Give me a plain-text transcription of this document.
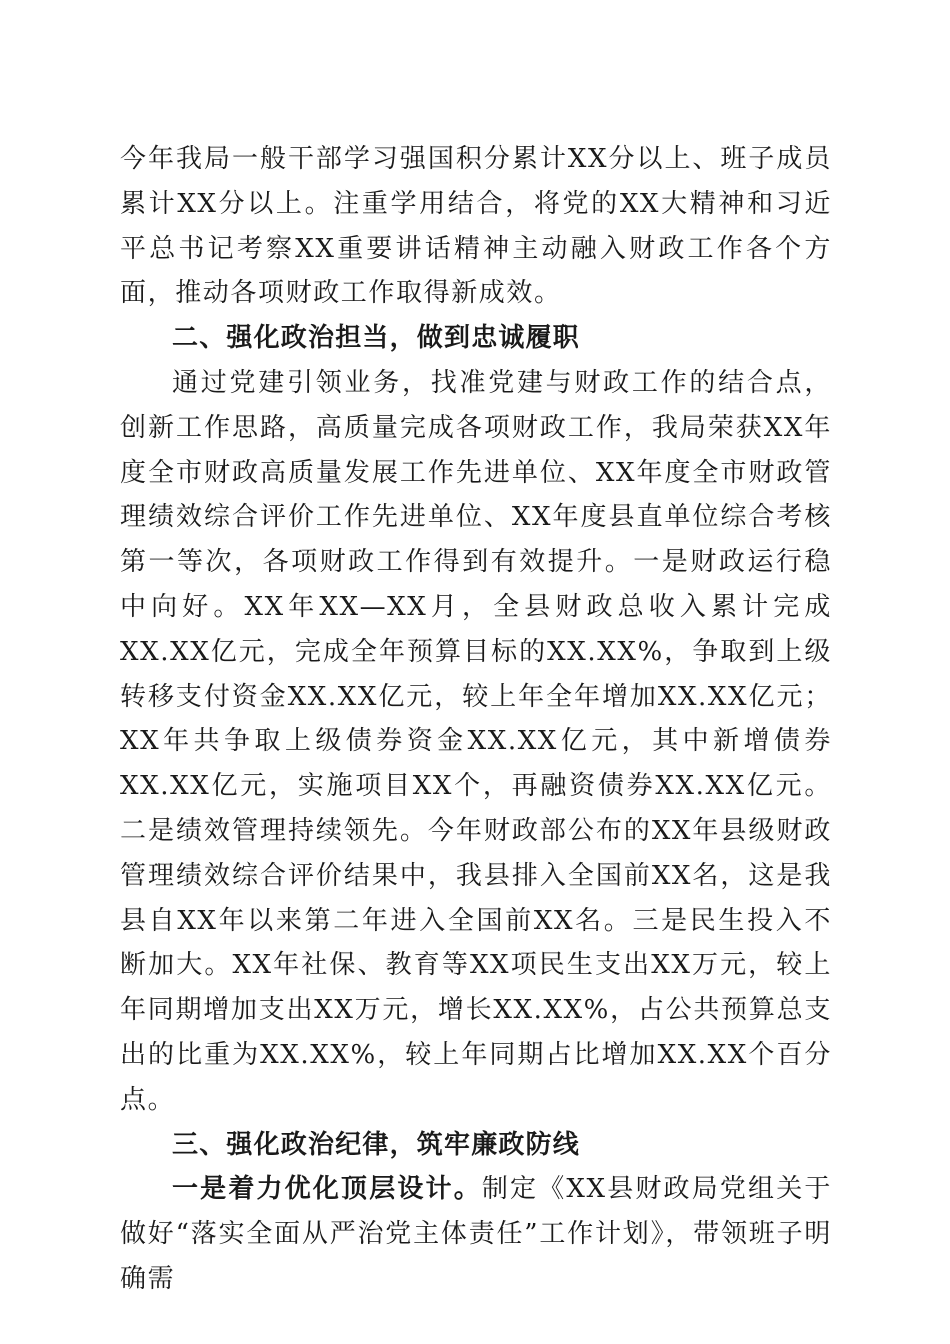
今年我局一般干部学习强国积分累计XX分以上、班子成员累计XX分以上。注重学用结合，将党的XX大精神和习近平总书记考察XX重要讲话精神主动融入财政工作各个方面，推动各项财政工作取得新成效。

二、强化政治担当，做到忠诚履职

通过党建引领业务，找准党建与财政工作的结合点，创新工作思路，高质量完成各项财政工作，我局荣获XX年度全市财政高质量发展工作先进单位、XX年度全市财政管理绩效综合评价工作先进单位、XX年度县直单位综合考核第一等次，各项财政工作得到有效提升。一是财政运行稳中向好。XX年XX—XX月，全县财政总收入累计完成XX.XX亿元，完成全年预算目标的XX.XX%，争取到上级转移支付资金XX.XX亿元，较上年全年增加XX.XX亿元；XX年共争取上级债券资金XX.XX亿元，其中新增债券XX.XX亿元，实施项目XX个，再融资债券XX.XX亿元。二是绩效管理持续领先。今年财政部公布的XX年县级财政管理绩效综合评价结果中，我县排入全国前XX名，这是我县自XX年以来第二年进入全国前XX名。三是民生投入不断加大。XX年社保、教育等XX项民生支出XX万元，较上年同期增加支出XX万元，增长XX.XX%，占公共预算总支出的比重为XX.XX%，较上年同期占比增加XX.XX个百分点。

三、强化政治纪律，筑牢廉政防线

一是着力优化顶层设计。制定《XX县财政局党组关于做好“落实全面从严治党主体责任”工作计划》，带领班子明确需
